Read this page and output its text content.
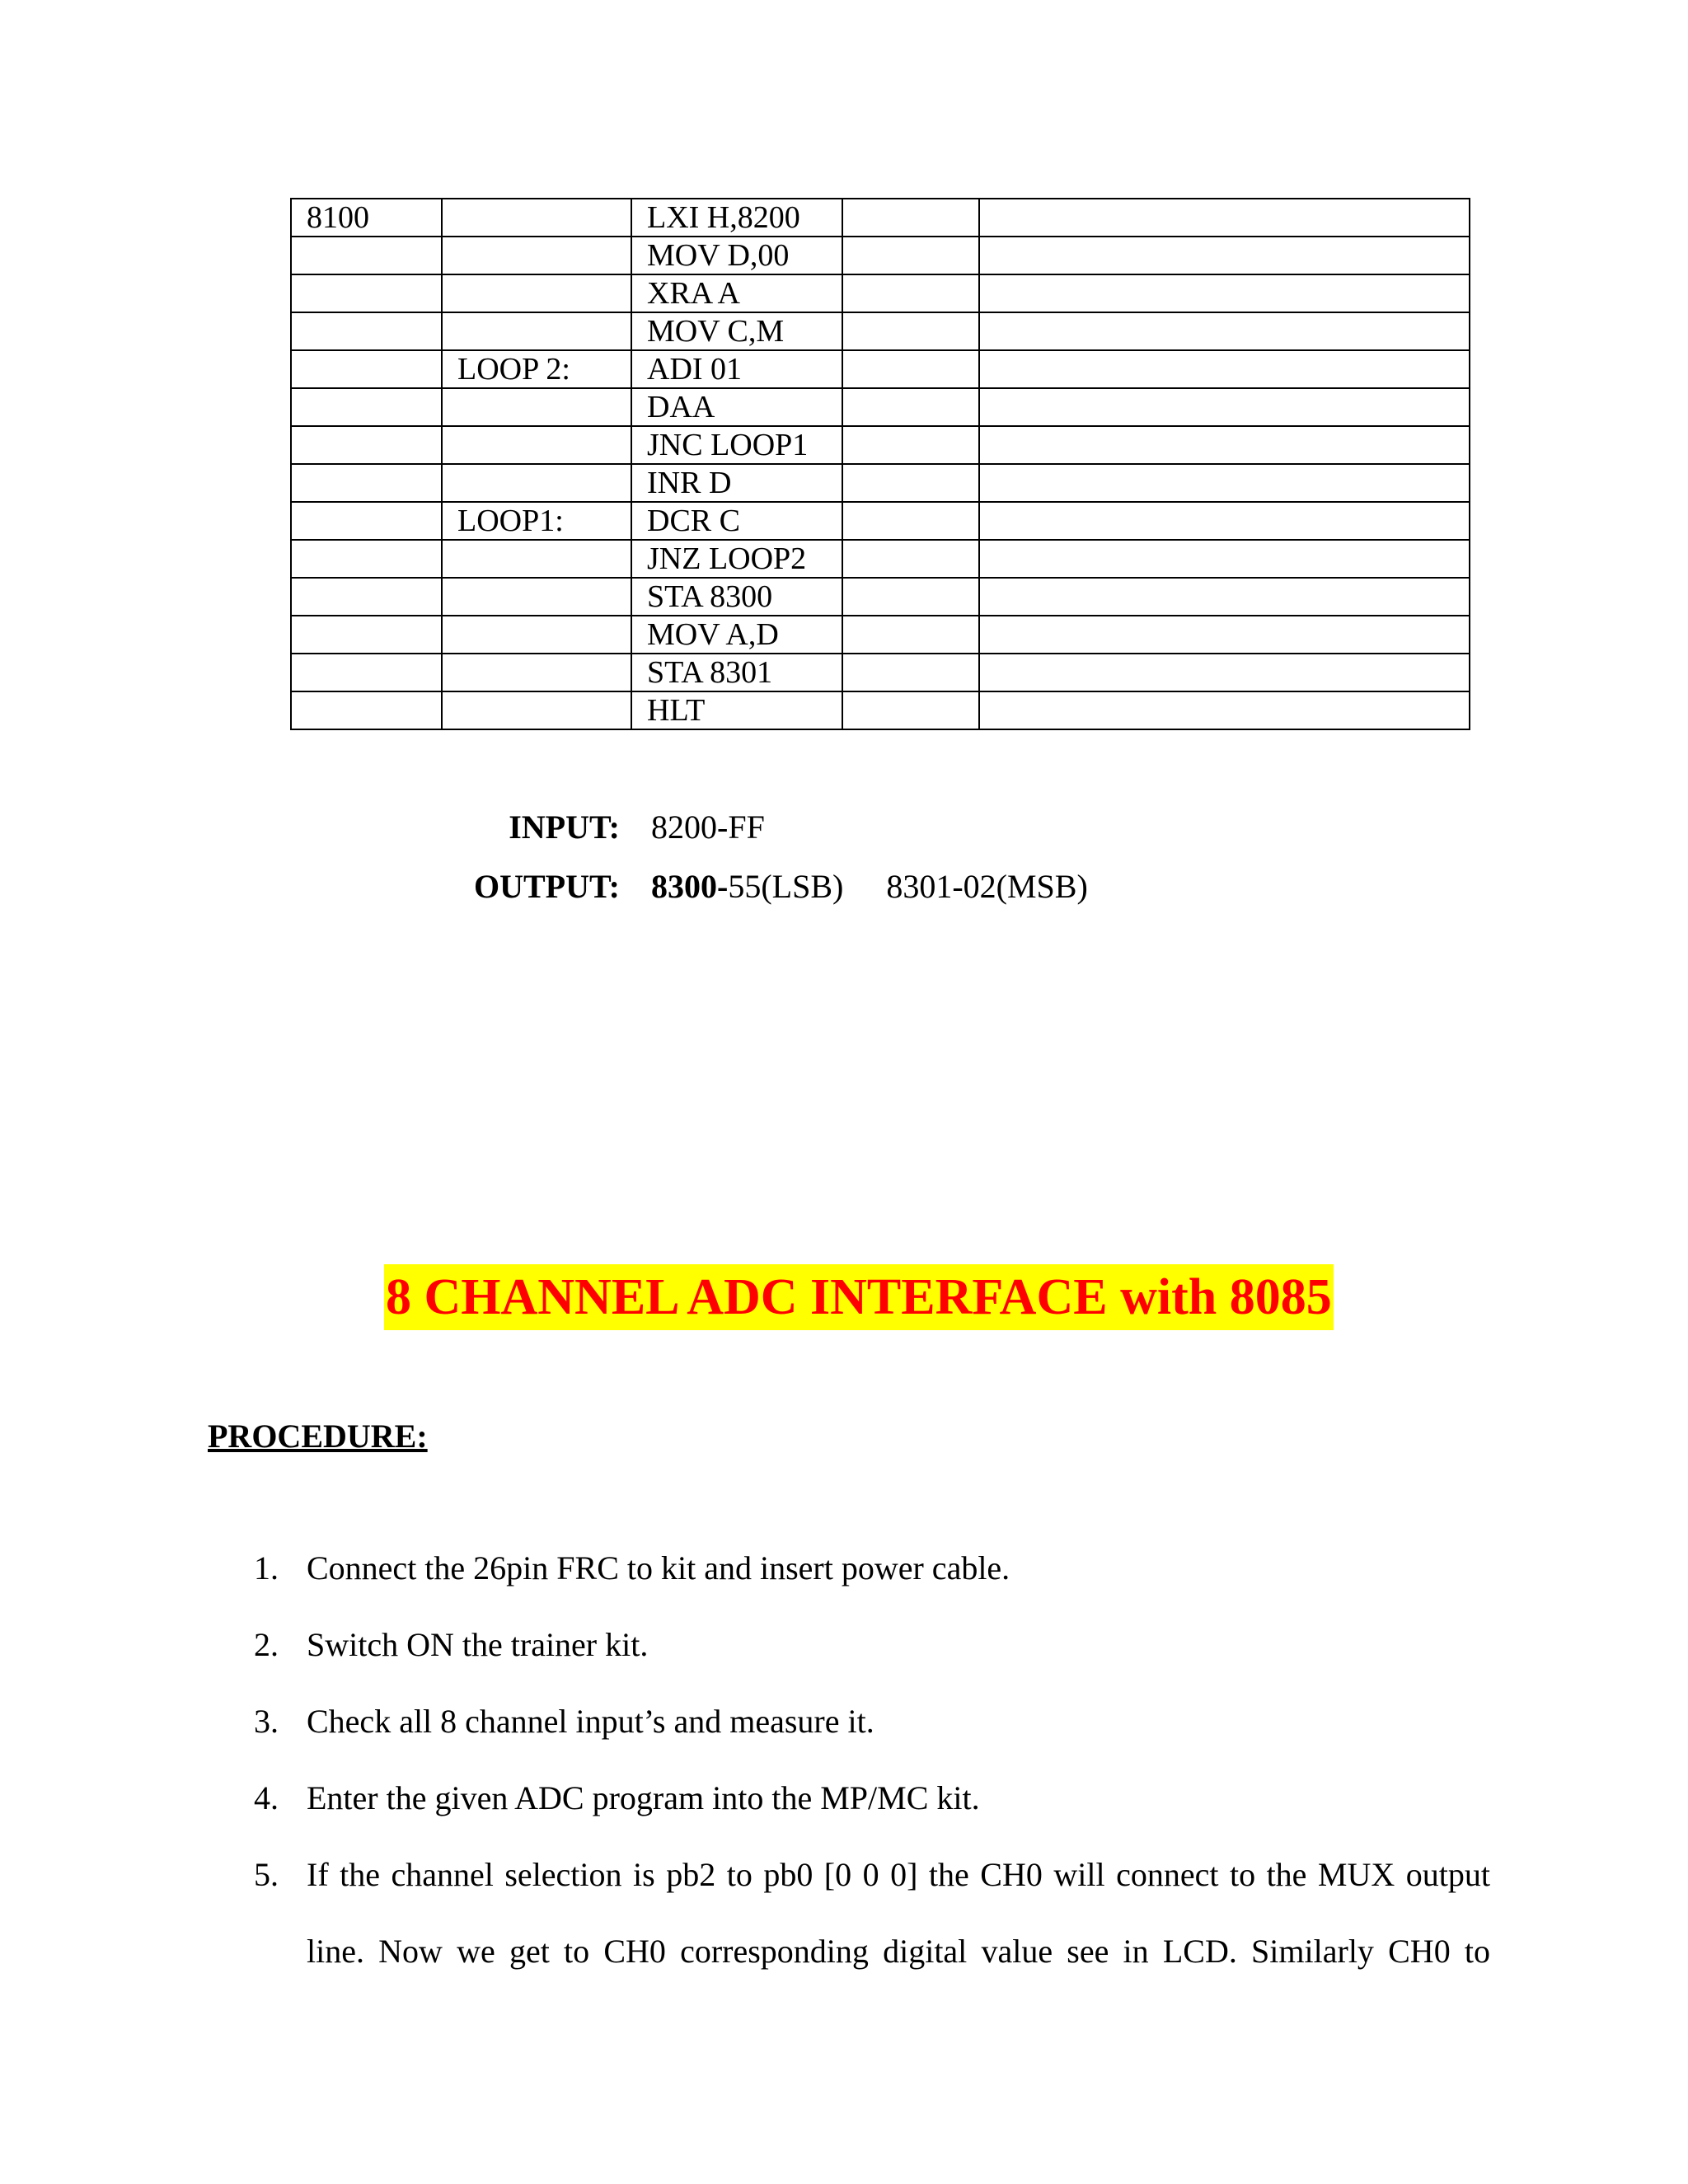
8100		LXI H,8200		
		MOV D,00		
		XRA A		
		MOV C,M		
	LOOP 2:	ADI 01		
		DAA		
		JNC LOOP1		
		INR D		
	LOOP1:	DCR C		
		JNZ LOOP2		
		STA 8300		
		MOV A,D		
		STA 8301		
		HLT		
INPUT: 8200-FF
OUTPUT: 8300-55(LSB) 8301-02(MSB)
8 CHANNEL ADC INTERFACE with 8085
PROCEDURE:
1. Connect the 26pin FRC to kit and insert power cable.
2. Switch ON the trainer kit.
3. Check all 8 channel input’s and measure it.
4. Enter the given ADC program into the MP/MC kit.
5. If the channel selection is pb2 to pb0 [0 0 0] the CH0 will connect to the MUX output
line. Now we get to CH0 corresponding digital value see in LCD. Similarly CH0 to
